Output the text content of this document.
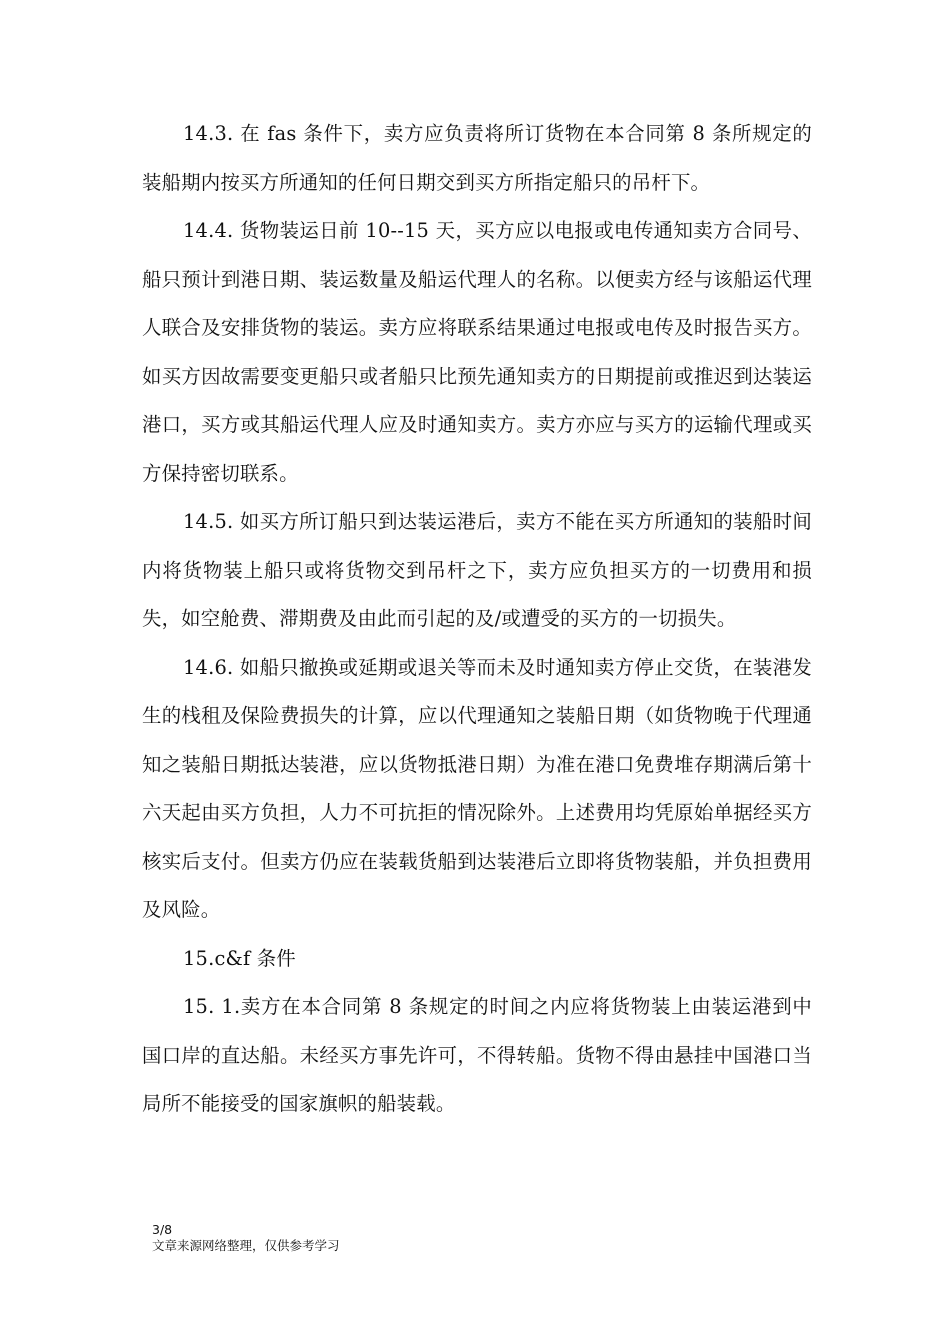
14.3. 在 fas 条件下，卖方应负责将所订货物在本合同第 8 条所规定的装船期内按买方所通知的任何日期交到买方所指定船只的吊杆下。

14.4. 货物装运日前 10--15 天，买方应以电报或电传通知卖方合同号、船只预计到港日期、装运数量及船运代理人的名称。以便卖方经与该船运代理人联合及安排货物的装运。卖方应将联系结果通过电报或电传及时报告买方。如买方因故需要变更船只或者船只比预先通知卖方的日期提前或推迟到达装运港口，买方或其船运代理人应及时通知卖方。卖方亦应与买方的运输代理或买方保持密切联系。

14.5. 如买方所订船只到达装运港后，卖方不能在买方所通知的装船时间内将货物装上船只或将货物交到吊杆之下，卖方应负担买方的一切费用和损失，如空舱费、滞期费及由此而引起的及/或遭受的买方的一切损失。

14.6. 如船只撤换或延期或退关等而未及时通知卖方停止交货，在装港发生的栈租及保险费损失的计算，应以代理通知之装船日期（如货物晚于代理通知之装船日期抵达装港，应以货物抵港日期）为准在港口免费堆存期满后第十六天起由买方负担，人力不可抗拒的情况除外。上述费用均凭原始单据经买方核实后支付。但卖方仍应在装载货船到达装港后立即将货物装船，并负担费用及风险。

15.c&f 条件

15. 1.卖方在本合同第 8 条规定的时间之内应将货物装上由装运港到中国口岸的直达船。未经买方事先许可，不得转船。货物不得由悬挂中国港口当局所不能接受的国家旗帜的船装载。

3/8
文章来源网络整理，仅供参考学习
